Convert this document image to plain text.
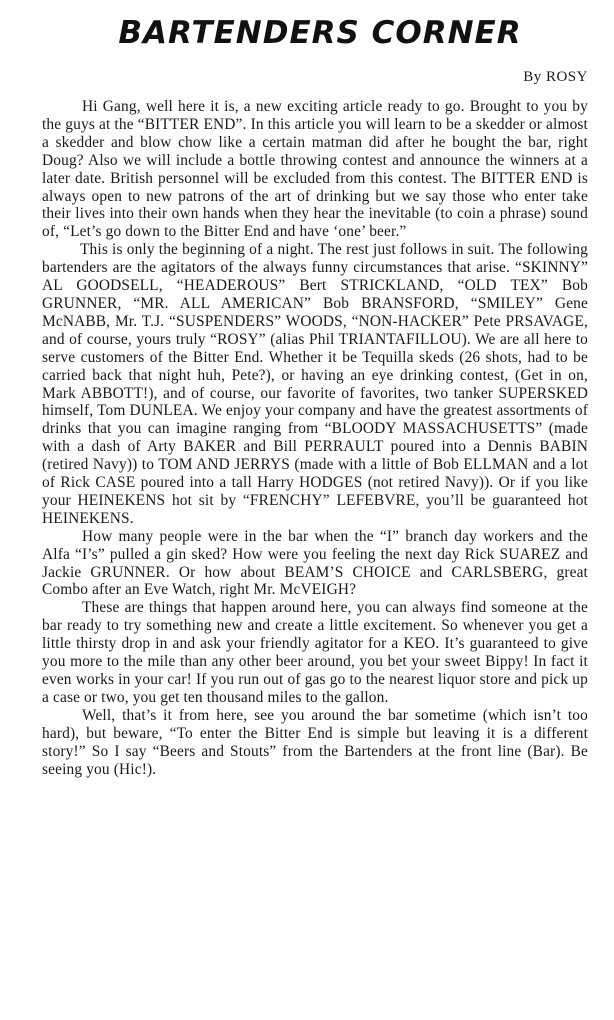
BARTENDERS CORNER
By ROSY

Hi Gang, well here it is, a new exciting article ready to go. Brought to you by the guys at the “BITTER END”. In this article you will learn to be a skedder or almost a skedder and blow chow like a certain matman did after he bought the bar, right Doug? Also we will include a bottle throwing contest and announce the winners at a later date. British personnel will be excluded from this contest. The BITTER END is always open to new patrons of the art of drinking but we say those who enter take their lives into their own hands when they hear the inevitable (to coin a phrase) sound of, “Let’s go down to the Bitter End and have ‘one’ beer.”

This is only the beginning of a night. The rest just follows in suit. The following bartenders are the agitators of the always funny circumstances that arise. “SKINNY” AL GOODSELL, “HEADEROUS” Bert STRICKLAND, “OLD TEX” Bob GRUNNER, “MR. ALL AMERICAN” Bob BRANSFORD, “SMILEY” Gene McNABB, Mr. T.J. “SUSPENDERS” WOODS, “NON-HACKER” Pete PRSAVAGE, and of course, yours truly “ROSY” (alias Phil TRIANTAFILLOU). We are all here to serve customers of the Bitter End. Whether it be Tequilla skeds (26 shots, had to be carried back that night huh, Pete?), or having an eye drinking contest, (Get in on, Mark ABBOTT!), and of course, our favorite of favorites, two tanker SUPERSKED himself, Tom DUNLEA. We enjoy your company and have the greatest assortments of drinks that you can imagine ranging from “BLOODY MASSACHUSETTS” (made with a dash of Arty BAKER and Bill PERRAULT poured into a Dennis BABIN (retired Navy)) to TOM AND JERRYS (made with a little of Bob ELLMAN and a lot of Rick CASE poured into a tall Harry HODGES (not retired Navy)). Or if you like your HEINEKENS hot sit by “FRENCHY” LEFEBVRE, you’ll be guaranteed hot HEINEKENS.

How many people were in the bar when the “I” branch day workers and the Alfa “I’s” pulled a gin sked? How were you feeling the next day Rick SUAREZ and Jackie GRUNNER. Or how about BEAM’S CHOICE and CARLSBERG, great Combo after an Eve Watch, right Mr. McVEIGH?

These are things that happen around here, you can always find someone at the bar ready to try something new and create a little excitement. So whenever you get a little thirsty drop in and ask your friendly agitator for a KEO. It’s guaranteed to give you more to the mile than any other beer around, you bet your sweet Bippy! In fact it even works in your car! If you run out of gas go to the nearest liquor store and pick up a case or two, you get ten thousand miles to the gallon.

Well, that’s it from here, see you around the bar sometime (which isn’t too hard), but beware, “To enter the Bitter End is simple but leaving it is a different story!” So I say “Beers and Stouts” from the Bartenders at the front line (Bar). Be seeing you (Hic!).
